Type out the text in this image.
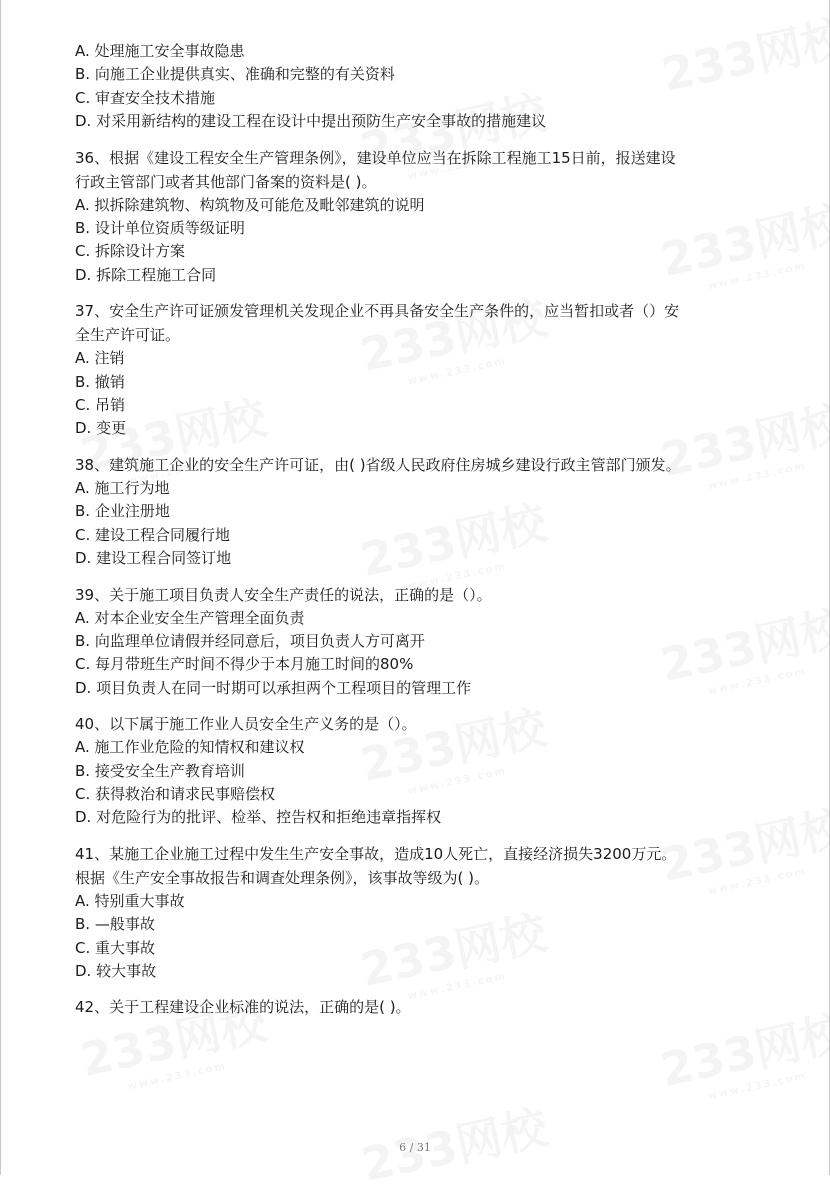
A. 处理施工安全事故隐患

B. 向施工企业提供真实、准确和完整的有关资料

C. 审查安全技术措施

D. 对采用新结构的建设工程在设计中提出预防生产安全事故的措施建议

36、根据《建设工程安全生产管理条例》，建设单位应当在拆除工程施工15日前，报送建设

行政主管部门或者其他部门备案的资料是( )。

A. 拟拆除建筑物、构筑物及可能危及毗邻建筑的说明

B. 设计单位资质等级证明

C. 拆除设计方案

D. 拆除工程施工合同

37、安全生产许可证颁发管理机关发现企业不再具备安全生产条件的，应当暂扣或者（）安

全生产许可证。

A. 注销

B. 撤销

C. 吊销

D. 变更

38、建筑施工企业的安全生产许可证，由( )省级人民政府住房城乡建设行政主管部门颁发。

A. 施工行为地

B. 企业注册地

C. 建设工程合同履行地

D. 建设工程合同签订地

39、关于施工项目负责人安全生产责任的说法，正确的是（）。

A. 对本企业安全生产管理全面负责

B. 向监理单位请假并经同意后，项目负责人方可离开

C. 每月带班生产时间不得少于本月施工时间的80%

D. 项目负责人在同一时期可以承担两个工程项目的管理工作

40、以下属于施工作业人员安全生产义务的是（）。

A. 施工作业危险的知情权和建议权

B. 接受安全生产教育培训

C. 获得救治和请求民事赔偿权

D. 对危险行为的批评、检举、控告权和拒绝违章指挥权

41、某施工企业施工过程中发生生产安全事故，造成10人死亡，直接经济损失3200万元。

根据《生产安全事故报告和调查处理条例》，该事故等级为( )。

A. 特别重大事故

B. —般事故

C. 重大事故

D. 较大事故

42、关于工程建设企业标准的说法，正确的是( )。

6 / 31
